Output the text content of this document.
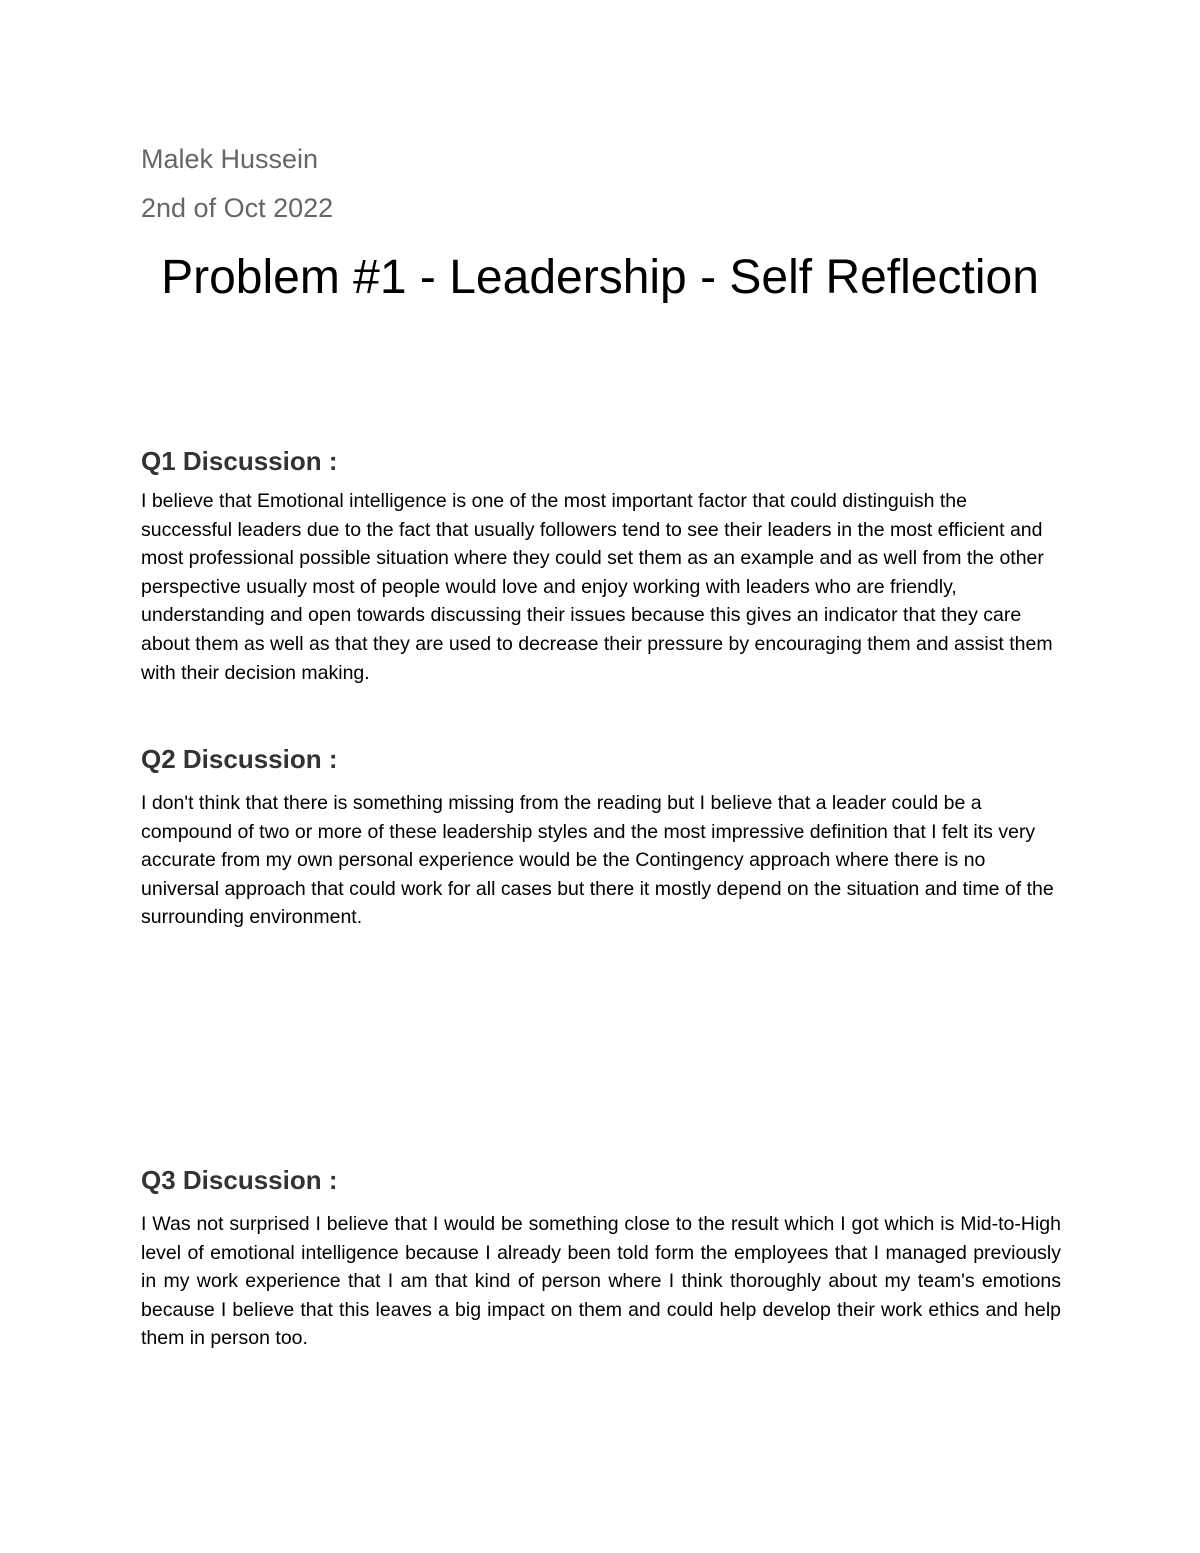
Malek Hussein
2nd of Oct 2022
Problem #1 - Leadership - Self Reflection
Q1 Discussion :
I believe that Emotional intelligence is one of the most important factor that could distinguish the successful leaders due to the fact that usually followers tend to see their leaders in the most efficient and most professional possible situation where they could set them as an example and as well from the other perspective usually most of people would love and enjoy working with leaders who are friendly, understanding and open towards discussing their issues because this gives an indicator that they care about them as well as that they are used to decrease their pressure by encouraging them and assist them with their decision making.
Q2 Discussion :
I don't think that there is something missing from the reading but I believe that a leader could be a compound of two or more of these leadership styles and the most impressive definition that I felt its very accurate from my own personal experience would be the Contingency approach where there is no universal approach that could work for all cases but there it mostly depend on the situation and time of the surrounding environment.
Q3 Discussion :
I Was not surprised I believe that I would be something close to the result which I got which is Mid-to-High level of emotional intelligence because I already been told form the employees that I managed previously in my work experience that I am that kind of person where I think thoroughly about my team's emotions because I believe that this leaves a big impact on them and could help develop their work ethics and help them in person too.
